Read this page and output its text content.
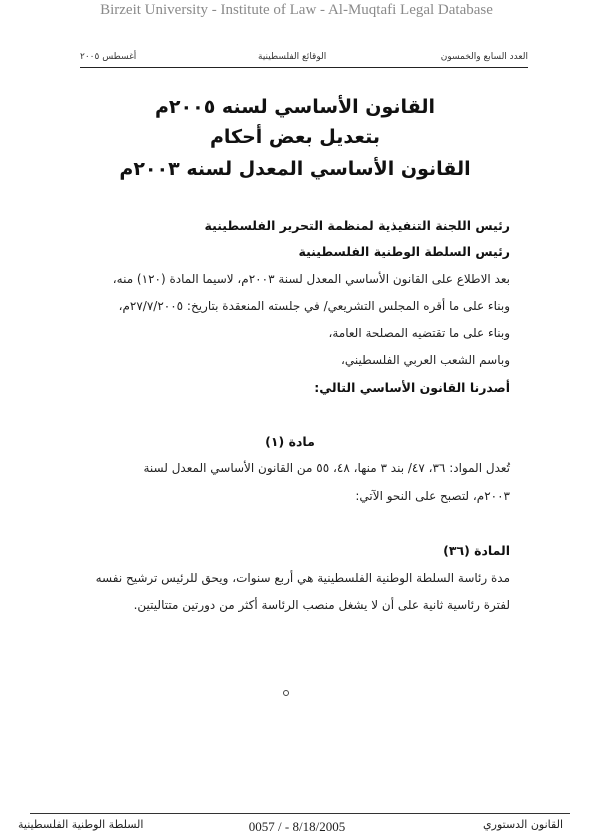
Birzeit University - Institute of Law - Al-Muqtafi Legal Database
العدد السابع والخمسون
الوقائع الفلسطينية
أغسطس ٢٠٠٥
القانون الأساسي لسنه ٢٠٠٥م
بتعديل بعض أحكام
القانون الأساسي المعدل لسنه ٢٠٠٣م
رئيس اللجنة التنفيذية لمنظمة التحرير الفلسطينية
رئيس السلطة الوطنية الفلسطينية
بعد الاطلاع على القانون الأساسي المعدل لسنة ٢٠٠٣م، لاسيما المادة (١٢٠) منه،
وبناء على ما أقره المجلس التشريعي/ في جلسته المنعقدة بتاريخ: ٢٧/٧/٢٠٠٥م،
وبناء على ما تقتضيه المصلحة العامة،
وباسم الشعب العربي الفلسطيني،
أصدرنا القانون الأساسي التالي:
مادة (١)
تُعدل المواد: ٣٦، ٤٧/ بند ٣ منها، ٤٨، ٥٥ من القانون الأساسي المعدل لسنة
٢٠٠٣م، لتصبح على النحو الآتي:
المادة (٣٦)
مدة رئاسة السلطة الوطنية الفلسطينية هي أربع سنوات، ويحق للرئيس ترشيح نفسه
لفترة رئاسية ثانية على أن لا يشغل منصب الرئاسة أكثر من دورتين متتاليتين.
السلطة الوطنية الفلسطينية	0057 / - 8/18/2005	القانون الدستوري
